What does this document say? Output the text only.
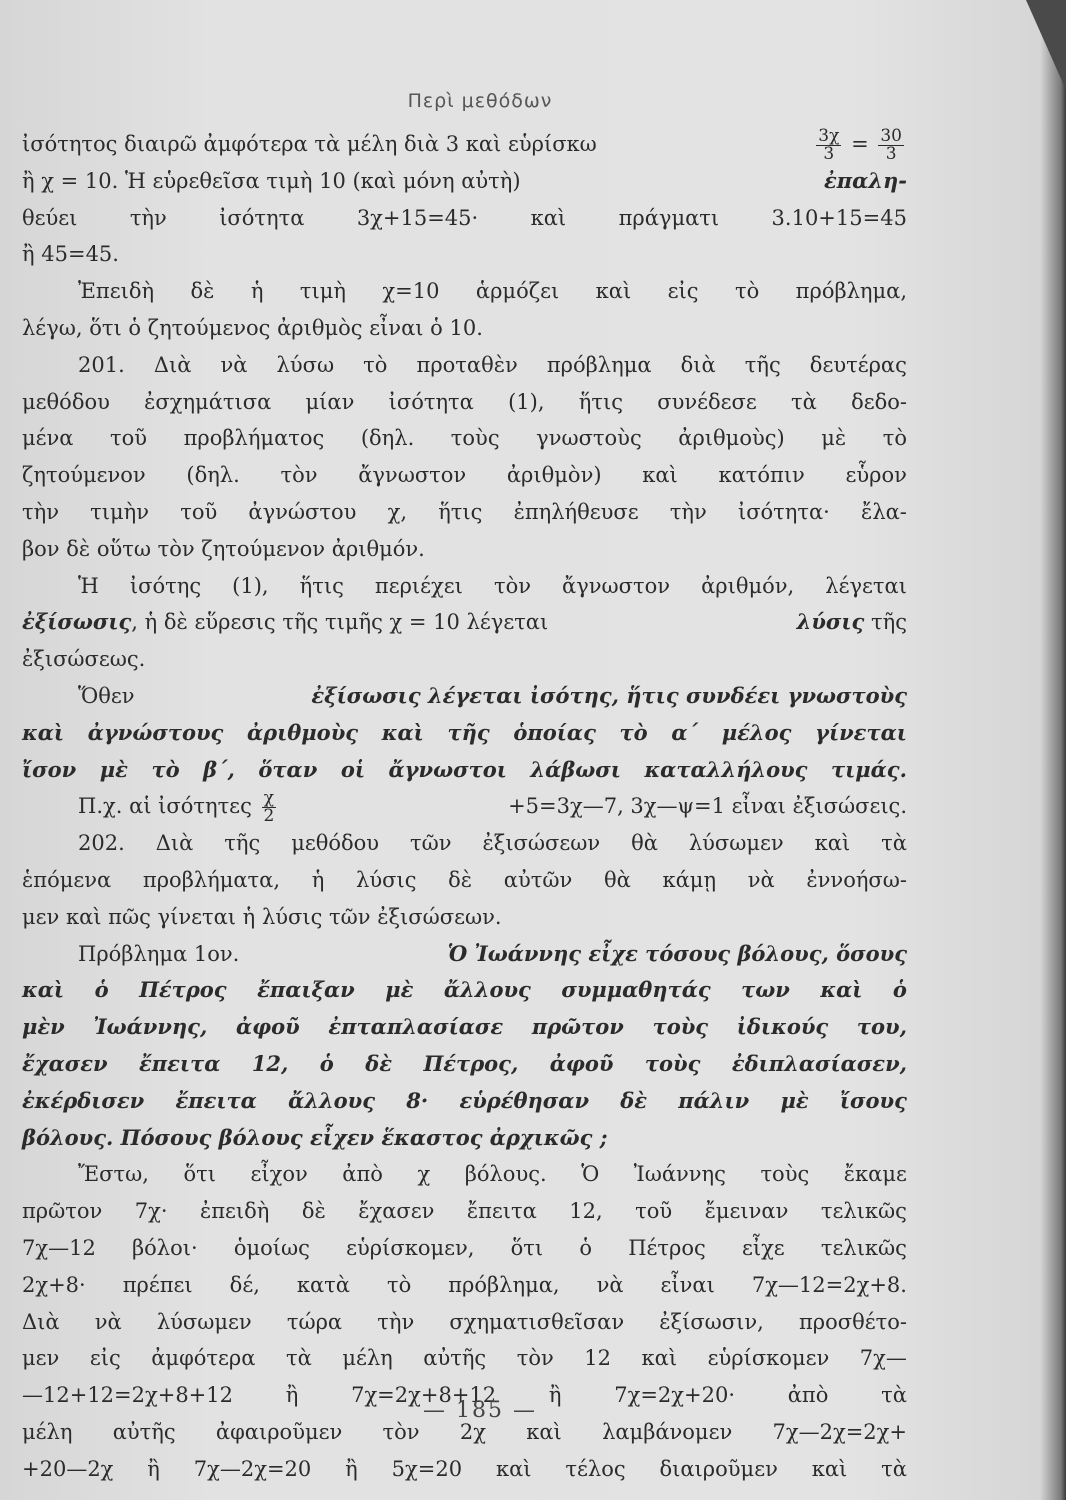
Περὶ μεθόδων
ἰσότητος διαιρῶ ἀμφότερα τὰ μέλη διὰ 3 καὶ εὑρίσκω	$\frac{3\chi}{3} = \frac{30}{3}$
ἢ χ = 10. Ἡ εὑρεθεῖσα τιμὴ 10 (καὶ μόνη αὐτὴ)	ἐπαλη-
θεύει τὴν ἰσότητα 3χ+15=45· καὶ πράγματι 3.10+15=45
ἢ 45=45.
Ἐπειδὴ δὲ ἡ τιμὴ χ=10 ἁρμόζει καὶ εἰς τὸ πρόβλημα,
λέγω, ὅτι ὁ ζητούμενος ἀριθμὸς εἶναι ὁ 10.
201. Διὰ νὰ λύσω τὸ προταθὲν πρόβλημα διὰ τῆς δευτέρας
μεθόδου ἐσχημάτισα μίαν ἰσότητα (1), ἥτις συνέδεσε τὰ δεδο-
μένα τοῦ προβλήματος (δηλ. τοὺς γνωστοὺς ἀριθμοὺς) μὲ τὸ
ζητούμενον (δηλ. τὸν ἄγνωστον ἀριθμὸν) καὶ κατόπιν εὗρον
τὴν τιμὴν τοῦ ἀγνώστου χ, ἥτις ἐπηλήθευσε τὴν ἰσότητα· ἔλα-
βον δὲ οὕτω τὸν ζητούμενον ἀριθμόν.
Ἡ ἰσότης (1), ἥτις περιέχει τὸν ἄγνωστον ἀριθμόν, λέγεται
ἐξίσωσις, ἡ δὲ εὕρεσις τῆς τιμῆς χ = 10 λέγεται	λύσις τῆς
ἐξισώσεως.
Ὅθεν	ἐξίσωσις λέγεται ἰσότης, ἥτις συνδέει γνωστοὺς
καὶ ἀγνώστους ἀριθμοὺς καὶ τῆς ὁποίας τὸ α΄ μέλος γίνεται
ἴσον μὲ τὸ β΄, ὅταν οἱ ἄγνωστοι λάβωσι καταλλήλους τιμάς.
Π.χ. αἱ ἰσότητες $\frac{\chi}{2}$	+5=3χ—7, 3χ—ψ=1 εἶναι ἐξισώσεις.
202. Διὰ τῆς μεθόδου τῶν ἐξισώσεων θὰ λύσωμεν καὶ τὰ
ἑπόμενα προβλήματα, ἡ λύσις δὲ αὐτῶν θὰ κάμῃ νὰ ἐννοήσω-
μεν καὶ πῶς γίνεται ἡ λύσις τῶν ἐξισώσεων.
Πρόβλημα 1ον.	Ὁ Ἰωάννης εἶχε τόσους βόλους, ὅσους
καὶ ὁ Πέτρος ἔπαιξαν μὲ ἄλλους συμμαθητάς των καὶ ὁ
μὲν Ἰωάννης, ἀφοῦ ἐπταπλασίασε πρῶτον τοὺς ἰδικούς του,
ἔχασεν ἔπειτα 12, ὁ δὲ Πέτρος, ἀφοῦ τοὺς ἐδιπλασίασεν,
ἐκέρδισεν ἔπειτα ἄλλους 8· εὑρέθησαν δὲ πάλιν μὲ ἴσους
βόλους. Πόσους βόλους εἶχεν ἕκαστος ἀρχικῶς ;
Ἔστω, ὅτι εἶχον ἀπὸ χ βόλους. Ὁ Ἰωάννης τοὺς ἔκαμε
πρῶτον 7χ· ἐπειδὴ δὲ ἔχασεν ἔπειτα 12, τοῦ ἔμειναν τελικῶς
7χ—12 βόλοι· ὁμοίως εὑρίσκομεν, ὅτι ὁ Πέτρος εἶχε τελικῶς
2χ+8· πρέπει δέ, κατὰ τὸ πρόβλημα, νὰ εἶναι 7χ—12=2χ+8.
Διὰ νὰ λύσωμεν τώρα τὴν σχηματισθεῖσαν ἐξίσωσιν, προσθέτο-
μεν εἰς ἀμφότερα τὰ μέλη αὐτῆς τὸν 12 καὶ εὑρίσκομεν 7χ—
—12+12=2χ+8+12	ἢ	7χ=2χ+8+12	ἢ	7χ=2χ+20·	ἀπὸ	τὰ
μέλη αὐτῆς ἀφαιροῦμεν τὸν 2χ καὶ λαμβάνομεν 7χ—2χ=2χ+
+20—2χ ἢ 7χ—2χ=20 ἢ 5χ=20 καὶ τέλος διαιροῦμεν καὶ τὰ
— 185 —
